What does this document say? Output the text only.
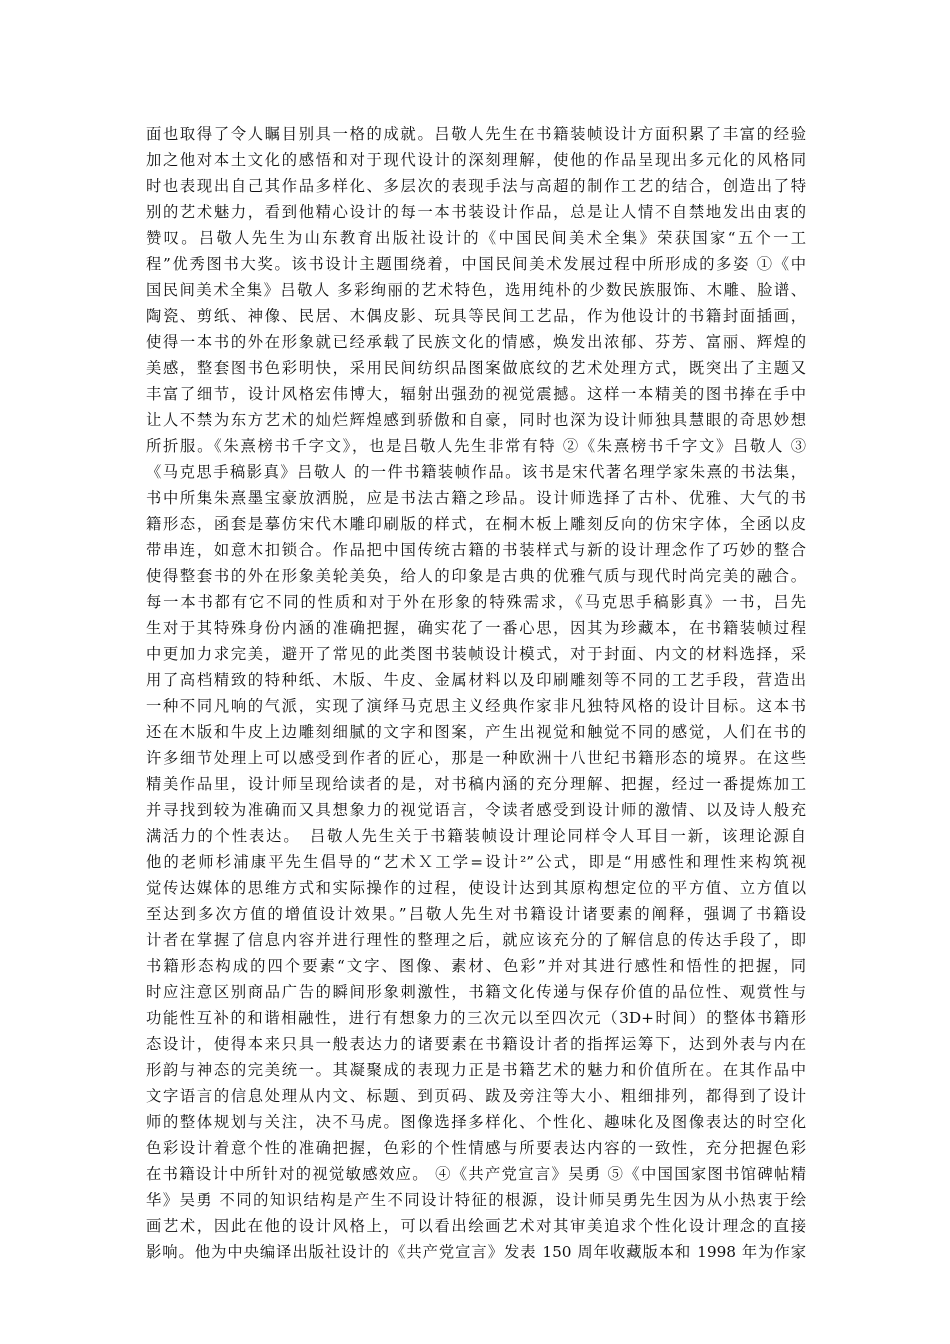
面也取得了令人瞩目别具一格的成就。吕敬人先生在书籍装帧设计方面积累了丰富的经验
加之他对本土文化的感悟和对于现代设计的深刻理解，使他的作品呈现出多元化的风格同
时也表现出自己其作品多样化、多层次的表现手法与高超的制作工艺的结合，创造出了特
别的艺术魅力，看到他精心设计的每一本书装设计作品，总是让人情不自禁地发出由衷的
赞叹。吕敬人先生为山东教育出版社设计的《中国民间美术全集》荣获国家“五个一工
程”优秀图书大奖。该书设计主题围绕着，中国民间美术发展过程中所形成的多姿 ①《中
国民间美术全集》吕敬人 多彩绚丽的艺术特色，选用纯朴的少数民族服饰、木雕、脸谱、
陶瓷、剪纸、神像、民居、木偶皮影、玩具等民间工艺品，作为他设计的书籍封面插画，
使得一本书的外在形象就已经承载了民族文化的情感，焕发出浓郁、芬芳、富丽、辉煌的
美感，整套图书色彩明快，采用民间纺织品图案做底纹的艺术处理方式，既突出了主题又
丰富了细节，设计风格宏伟博大，辐射出强劲的视觉震撼。这样一本精美的图书捧在手中
让人不禁为东方艺术的灿烂辉煌感到骄傲和自豪，同时也深为设计师独具慧眼的奇思妙想
所折服。《朱熹榜书千字文》，也是吕敬人先生非常有特 ②《朱熹榜书千字文》吕敬人 ③
《马克思手稿影真》吕敬人 的一件书籍装帧作品。该书是宋代著名理学家朱熹的书法集，
书中所集朱熹墨宝豪放洒脱，应是书法古籍之珍品。设计师选择了古朴、优雅、大气的书
籍形态，函套是摹仿宋代木雕印刷版的样式，在桐木板上雕刻反向的仿宋字体，全函以皮
带串连，如意木扣锁合。作品把中国传统古籍的书装样式与新的设计理念作了巧妙的整合
使得整套书的外在形象美轮美奂，给人的印象是古典的优雅气质与现代时尚完美的融合。
每一本书都有它不同的性质和对于外在形象的特殊需求，《马克思手稿影真》一书，吕先
生对于其特殊身份内涵的准确把握，确实花了一番心思，因其为珍藏本，在书籍装帧过程
中更加力求完美，避开了常见的此类图书装帧设计模式，对于封面、内文的材料选择，采
用了高档精致的特种纸、木版、牛皮、金属材料以及印刷雕刻等不同的工艺手段，营造出
一种不同凡响的气派，实现了演绎马克思主义经典作家非凡独特风格的设计目标。这本书
还在木版和牛皮上边雕刻细腻的文字和图案，产生出视觉和触觉不同的感觉，人们在书的
许多细节处理上可以感受到作者的匠心，那是一种欧洲十八世纪书籍形态的境界。在这些
精美作品里，设计师呈现给读者的是，对书稿内涵的充分理解、把握，经过一番提炼加工
并寻找到较为准确而又具想象力的视觉语言，令读者感受到设计师的激情、以及诗人般充
满活力的个性表达。　吕敬人先生关于书籍装帧设计理论同样令人耳目一新，该理论源自
他的老师杉浦康平先生倡导的“艺术Ｘ工学=设计²”公式，即是“用感性和理性来构筑视
觉传达媒体的思维方式和实际操作的过程，使设计达到其原构想定位的平方值、立方值以
至达到多次方值的增值设计效果。”吕敬人先生对书籍设计诸要素的阐释，强调了书籍设
计者在掌握了信息内容并进行理性的整理之后，就应该充分的了解信息的传达手段了，即
书籍形态构成的四个要素“文字、图像、素材、色彩”并对其进行感性和悟性的把握，同
时应注意区别商品广告的瞬间形象刺激性，书籍文化传递与保存价值的品位性、观赏性与
功能性互补的和谐相融性，进行有想象力的三次元以至四次元（3D+时间）的整体书籍形
态设计，使得本来只具一般表达力的诸要素在书籍设计者的指挥运筹下，达到外表与内在
形韵与神态的完美统一。其凝聚成的表现力正是书籍艺术的魅力和价值所在。在其作品中
文字语言的信息处理从内文、标题、到页码、跋及旁注等大小、粗细排列，都得到了设计
师的整体规划与关注，决不马虎。图像选择多样化、个性化、趣味化及图像表达的时空化
色彩设计着意个性的准确把握，色彩的个性情感与所要表达内容的一致性，充分把握色彩
在书籍设计中所针对的视觉敏感效应。 ④《共产党宣言》吴勇 ⑤《中国国家图书馆碑帖精
华》吴勇 不同的知识结构是产生不同设计特征的根源，设计师吴勇先生因为从小热衷于绘
画艺术，因此在他的设计风格上，可以看出绘画艺术对其审美追求个性化设计理念的直接
影响。他为中央编译出版社设计的《共产党宣言》发表 150 周年收藏版本和 1998 年为作家
